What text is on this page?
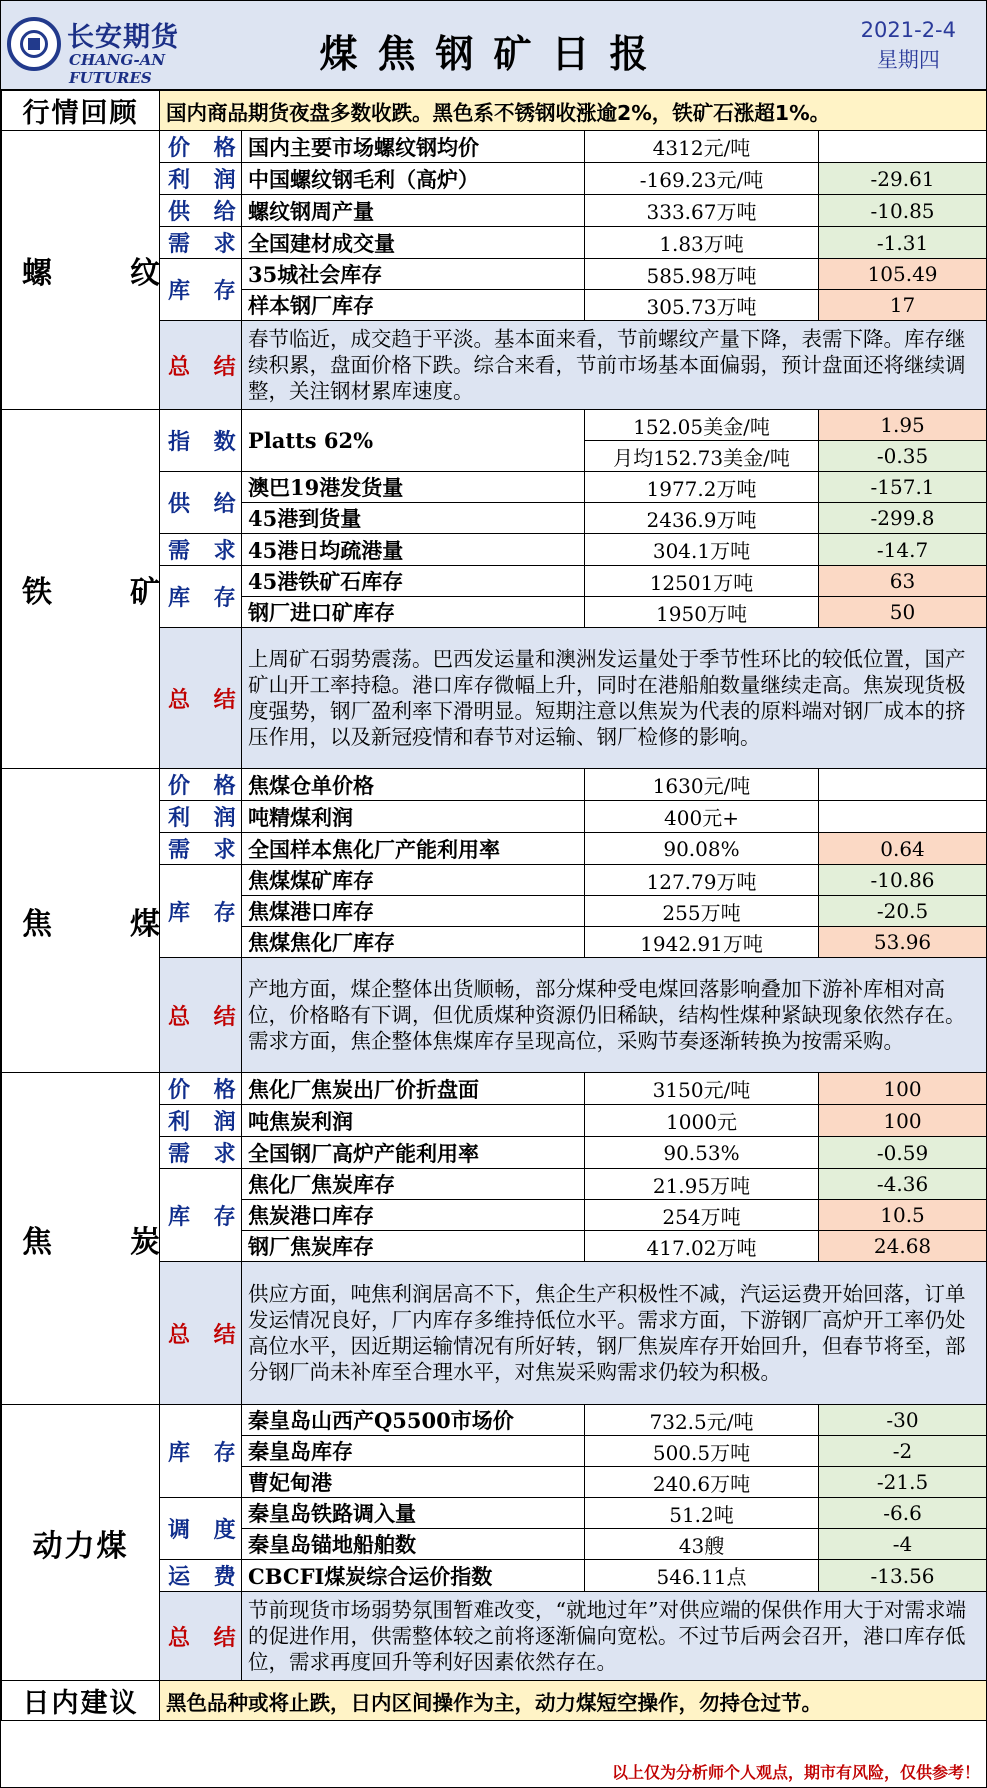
长安期货
CHANG-AN FUTURES
煤焦钢矿日报
2021-2-4
星期四
行情回顾	国内商品期货夜盘多数收跌。黑色系不锈钢收涨逾2%，铁矿石涨超1%。			
螺　纹	价 格	国内主要市场螺纹钢均价	4312元/吨	
	利 润	中国螺纹钢毛利（高炉）	-169.23元/吨	-29.61
	供 给	螺纹钢周产量	333.67万吨	-10.85
	需 求	全国建材成交量	1.83万吨	-1.31
	库 存	35城社会库存	585.98万吨	105.49
		样本钢厂库存	305.73万吨	17
	总 结	春节临近，成交趋于平淡。基本面来看，节前螺纹产量下降，表需下降。库存继续积累，盘面价格下跌。综合来看，节前市场基本面偏弱，预计盘面还将继续调整，关注钢材累库速度。		
铁　矿	指 数	Platts 62%	152.05美金/吨	1.95
			月均152.73美金/吨	-0.35
	供 给	澳巴19港发货量	1977.2万吨	-157.1
		45港到货量	2436.9万吨	-299.8
	需 求	45港日均疏港量	304.1万吨	-14.7
	库 存	45港铁矿石库存	12501万吨	63
		钢厂进口矿库存	1950万吨	50
	总 结	上周矿石弱势震荡。巴西发运量和澳洲发运量处于季节性环比的较低位置，国产矿山开工率持稳。港口库存微幅上升，同时在港船舶数量继续走高。焦炭现货极度强势，钢厂盈利率下滑明显。短期注意以焦炭为代表的原料端对钢厂成本的挤压作用，以及新冠疫情和春节对运输、钢厂检修的影响。		
焦　煤	价 格	焦煤仓单价格	1630元/吨	
	利 润	吨精煤利润	400元+	
	需 求	全国样本焦化厂产能利用率	90.08%	0.64
	库 存	焦煤煤矿库存	127.79万吨	-10.86
		焦煤港口库存	255万吨	-20.5
		焦煤焦化厂库存	1942.91万吨	53.96
	总 结	产地方面，煤企整体出货顺畅，部分煤种受电煤回落影响叠加下游补库相对高位，价格略有下调，但优质煤种资源仍旧稀缺，结构性煤种紧缺现象依然存在。需求方面，焦企整体焦煤库存呈现高位，采购节奏逐渐转换为按需采购。		
焦　炭	价 格	焦化厂焦炭出厂价折盘面	3150元/吨	100
	利 润	吨焦炭利润	1000元	100
	需 求	全国钢厂高炉产能利用率	90.53%	-0.59
	库 存	焦化厂焦炭库存	21.95万吨	-4.36
		焦炭港口库存	254万吨	10.5
		钢厂焦炭库存	417.02万吨	24.68
	总 结	供应方面，吨焦利润居高不下，焦企生产积极性不减，汽运运费开始回落，订单发运情况良好，厂内库存多维持低位水平。需求方面，下游钢厂高炉开工率仍处高位水平，因近期运输情况有所好转，钢厂焦炭库存开始回升，但春节将至，部分钢厂尚未补库至合理水平，对焦炭采购需求仍较为积极。		
动力煤	库 存	秦皇岛山西产Q5500市场价	732.5元/吨	-30
		秦皇岛库存	500.5万吨	-2
		曹妃甸港	240.6万吨	-21.5
	调 度	秦皇岛铁路调入量	51.2吨	-6.6
		秦皇岛锚地船舶数	43艘	-4
	运 费	CBCFI煤炭综合运价指数	546.11点	-13.56
	总 结	节前现货市场弱势氛围暂难改变，“就地过年”对供应端的保供作用大于对需求端的促进作用，供需整体较之前将逐渐偏向宽松。不过节后两会召开，港口库存低位，需求再度回升等利好因素依然存在。		
日内建议	黑色品种或将止跌，日内区间操作为主，动力煤短空操作，勿持仓过节。			
以上仅为分析师个人观点，期市有风险，仅供参考！
